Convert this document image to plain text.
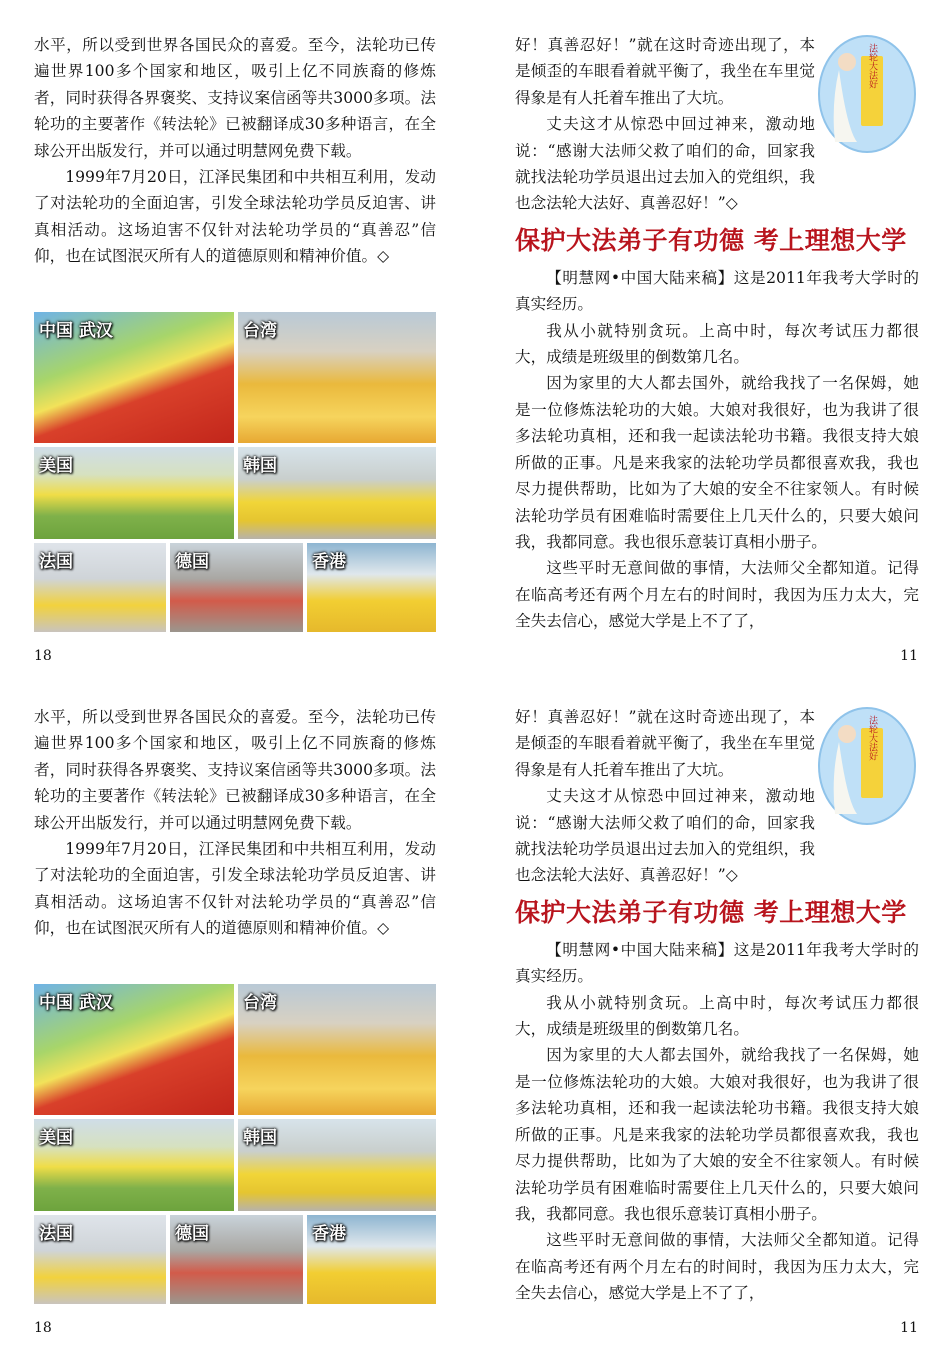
水平，所以受到世界各国民众的喜爱。至今，法轮功已传遍世界100多个国家和地区，吸引上亿不同族裔的修炼者，同时获得各界褒奖、支持议案信函等共3000多项。法轮功的主要著作《转法轮》已被翻译成30多种语言，在全球公开出版发行，并可以通过明慧网免费下载。

1999年7月20日，江泽民集团和中共相互利用，发动了对法轮功的全面迫害，引发全球法轮功学员反迫害、讲真相活动。这场迫害不仅针对法轮功学员的“真善忍”信仰，也在试图泯灭所有人的道德原则和精神价值。◇

中国 武汉	台湾
美国	韩国
法国	德国	香港
18
法轮大法好

好！真善忍好！”就在这时奇迹出现了，本是倾歪的车眼看着就平衡了，我坐在车里觉得象是有人托着车推出了大坑。

丈夫这才从惊恐中回过神来，激动地说：“感谢大法师父救了咱们的命，回家我就找法轮功学员退出过去加入的党组织，我也念法轮大法好、真善忍好！”◇

保护大法弟子有功德 考上理想大学

【明慧网•中国大陆来稿】这是2011年我考大学时的真实经历。

我从小就特别贪玩。上高中时，每次考试压力都很大，成绩是班级里的倒数第几名。

因为家里的大人都去国外，就给我找了一名保姆，她是一位修炼法轮功的大娘。大娘对我很好，也为我讲了很多法轮功真相，还和我一起读法轮功书籍。我很支持大娘所做的正事。凡是来我家的法轮功学员都很喜欢我，我也尽力提供帮助，比如为了大娘的安全不往家领人。有时候法轮功学员有困难临时需要住上几天什么的，只要大娘问我，我都同意。我也很乐意装订真相小册子。

这些平时无意间做的事情，大法师父全都知道。记得在临高考还有两个月左右的时间时，我因为压力太大，完全失去信心，感觉大学是上不了了，

11

水平，所以受到世界各国民众的喜爱。至今，法轮功已传遍世界100多个国家和地区，吸引上亿不同族裔的修炼者，同时获得各界褒奖、支持议案信函等共3000多项。法轮功的主要著作《转法轮》已被翻译成30多种语言，在全球公开出版发行，并可以通过明慧网免费下载。

1999年7月20日，江泽民集团和中共相互利用，发动了对法轮功的全面迫害，引发全球法轮功学员反迫害、讲真相活动。这场迫害不仅针对法轮功学员的“真善忍”信仰，也在试图泯灭所有人的道德原则和精神价值。◇

中国 武汉	台湾
美国	韩国
法国	德国	香港
18
法轮大法好

好！真善忍好！”就在这时奇迹出现了，本是倾歪的车眼看着就平衡了，我坐在车里觉得象是有人托着车推出了大坑。

丈夫这才从惊恐中回过神来，激动地说：“感谢大法师父救了咱们的命，回家我就找法轮功学员退出过去加入的党组织，我也念法轮大法好、真善忍好！”◇

保护大法弟子有功德 考上理想大学

【明慧网•中国大陆来稿】这是2011年我考大学时的真实经历。

我从小就特别贪玩。上高中时，每次考试压力都很大，成绩是班级里的倒数第几名。

因为家里的大人都去国外，就给我找了一名保姆，她是一位修炼法轮功的大娘。大娘对我很好，也为我讲了很多法轮功真相，还和我一起读法轮功书籍。我很支持大娘所做的正事。凡是来我家的法轮功学员都很喜欢我，我也尽力提供帮助，比如为了大娘的安全不往家领人。有时候法轮功学员有困难临时需要住上几天什么的，只要大娘问我，我都同意。我也很乐意装订真相小册子。

这些平时无意间做的事情，大法师父全都知道。记得在临高考还有两个月左右的时间时，我因为压力太大，完全失去信心，感觉大学是上不了了，

11
